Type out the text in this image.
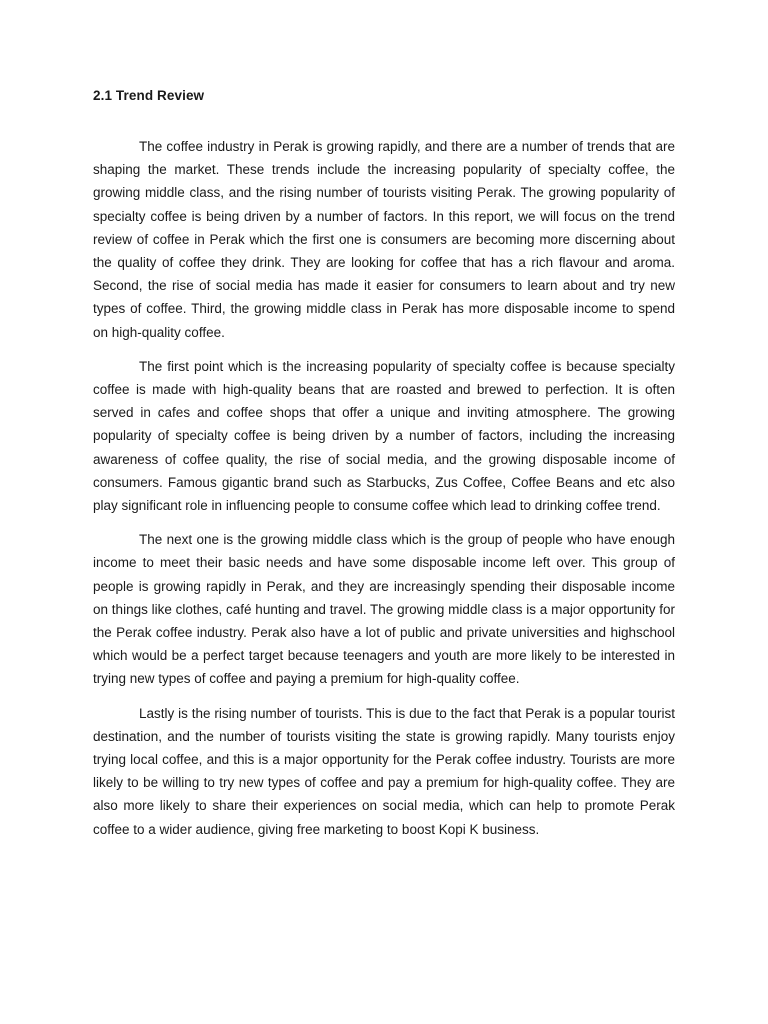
2.1 Trend Review

The coffee industry in Perak is growing rapidly, and there are a number of trends that are shaping the market. These trends include the increasing popularity of specialty coffee, the growing middle class, and the rising number of tourists visiting Perak. The growing popularity of specialty coffee is being driven by a number of factors. In this report, we will focus on the trend review of coffee in Perak which the first one is consumers are becoming more discerning about the quality of coffee they drink. They are looking for coffee that has a rich flavour and aroma. Second, the rise of social media has made it easier for consumers to learn about and try new types of coffee. Third, the growing middle class in Perak has more disposable income to spend on high-quality coffee.

The first point which is the increasing popularity of specialty coffee is because specialty coffee is made with high-quality beans that are roasted and brewed to perfection. It is often served in cafes and coffee shops that offer a unique and inviting atmosphere. The growing popularity of specialty coffee is being driven by a number of factors, including the increasing awareness of coffee quality, the rise of social media, and the growing disposable income of consumers. Famous gigantic brand such as Starbucks, Zus Coffee, Coffee Beans and etc also play significant role in influencing people to consume coffee which lead to drinking coffee trend.

The next one is the growing middle class which is the group of people who have enough income to meet their basic needs and have some disposable income left over. This group of people is growing rapidly in Perak, and they are increasingly spending their disposable income on things like clothes, café hunting and travel. The growing middle class is a major opportunity for the Perak coffee industry. Perak also have a lot of public and private universities and highschool which would be a perfect target because teenagers and youth are more likely to be interested in trying new types of coffee and paying a premium for high-quality coffee.

Lastly is the rising number of tourists. This is due to the fact that Perak is a popular tourist destination, and the number of tourists visiting the state is growing rapidly. Many tourists enjoy trying local coffee, and this is a major opportunity for the Perak coffee industry. Tourists are more likely to be willing to try new types of coffee and pay a premium for high-quality coffee. They are also more likely to share their experiences on social media, which can help to promote Perak coffee to a wider audience, giving free marketing to boost Kopi K business.
